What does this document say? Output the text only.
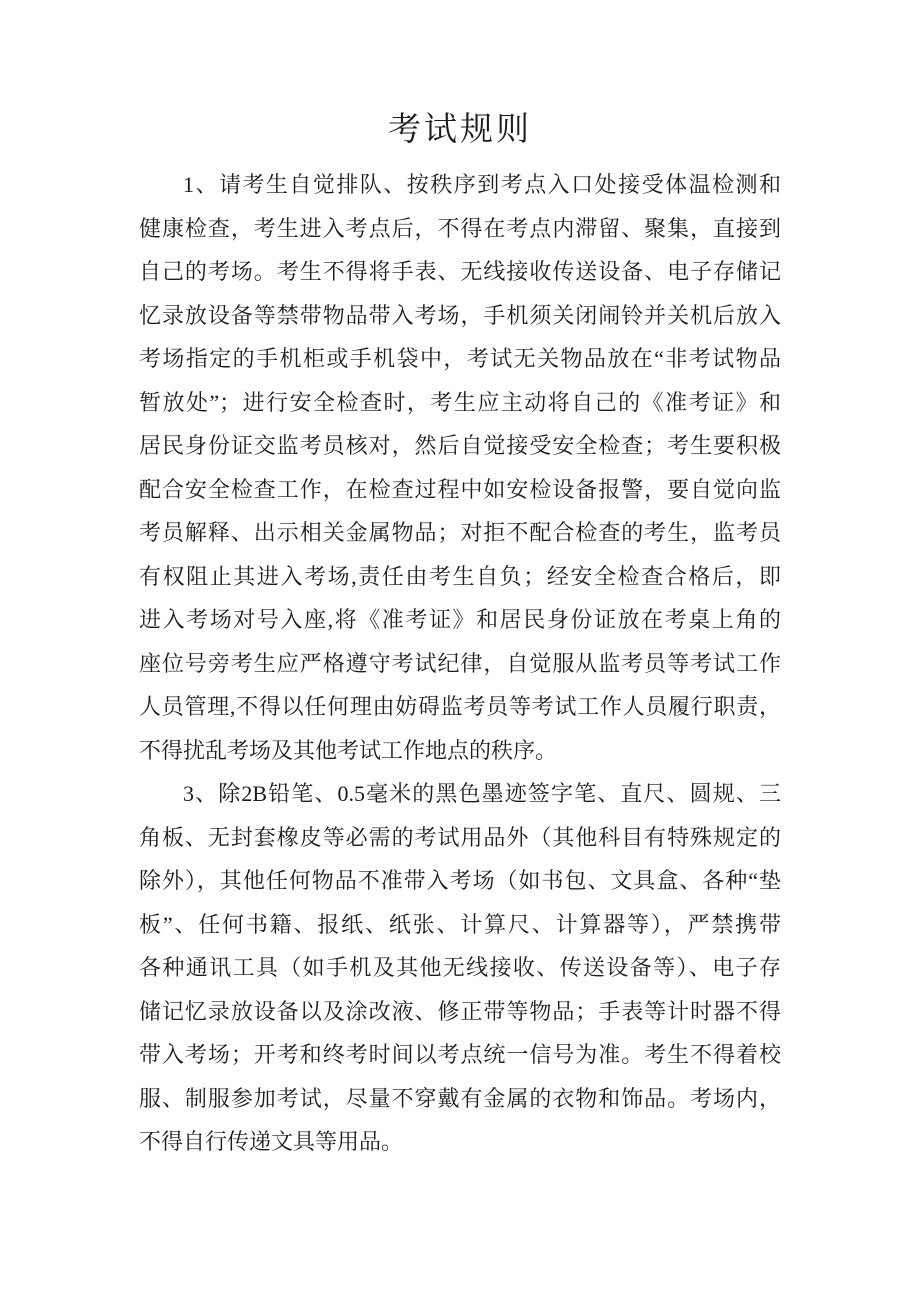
考试规则
1、请考生自觉排队、按秩序到考点入口处接受体温检测和
健康检查，考生进入考点后，不得在考点内滞留、聚集，直接到
自己的考场。考生不得将手表、无线接收传送设备、电子存储记
忆录放设备等禁带物品带入考场，手机须关闭闹铃并关机后放入
考场指定的手机柜或手机袋中，考试无关物品放在“非考试物品
暂放处”；进行安全检查时，考生应主动将自己的《准考证》和
居民身份证交监考员核对，然后自觉接受安全检查；考生要积极
配合安全检查工作，在检查过程中如安检设备报警，要自觉向监
考员解释、出示相关金属物品；对拒不配合检查的考生，监考员
有权阻止其进入考场,责任由考生自负；经安全检查合格后，即
进入考场对号入座,将《准考证》和居民身份证放在考桌上角的
座位号旁考生应严格遵守考试纪律，自觉服从监考员等考试工作
人员管理,不得以任何理由妨碍监考员等考试工作人员履行职责，
不得扰乱考场及其他考试工作地点的秩序。
3、除2B铅笔、0.5毫米的黑色墨迹签字笔、直尺、圆规、三
角板、无封套橡皮等必需的考试用品外（其他科目有特殊规定的
除外），其他任何物品不准带入考场（如书包、文具盒、各种“垫
板”、任何书籍、报纸、纸张、计算尺、计算器等），严禁携带
各种通讯工具（如手机及其他无线接收、传送设备等）、电子存
储记忆录放设备以及涂改液、修正带等物品；手表等计时器不得
带入考场；开考和终考时间以考点统一信号为准。考生不得着校
服、制服参加考试，尽量不穿戴有金属的衣物和饰品。考场内，
不得自行传递文具等用品。
